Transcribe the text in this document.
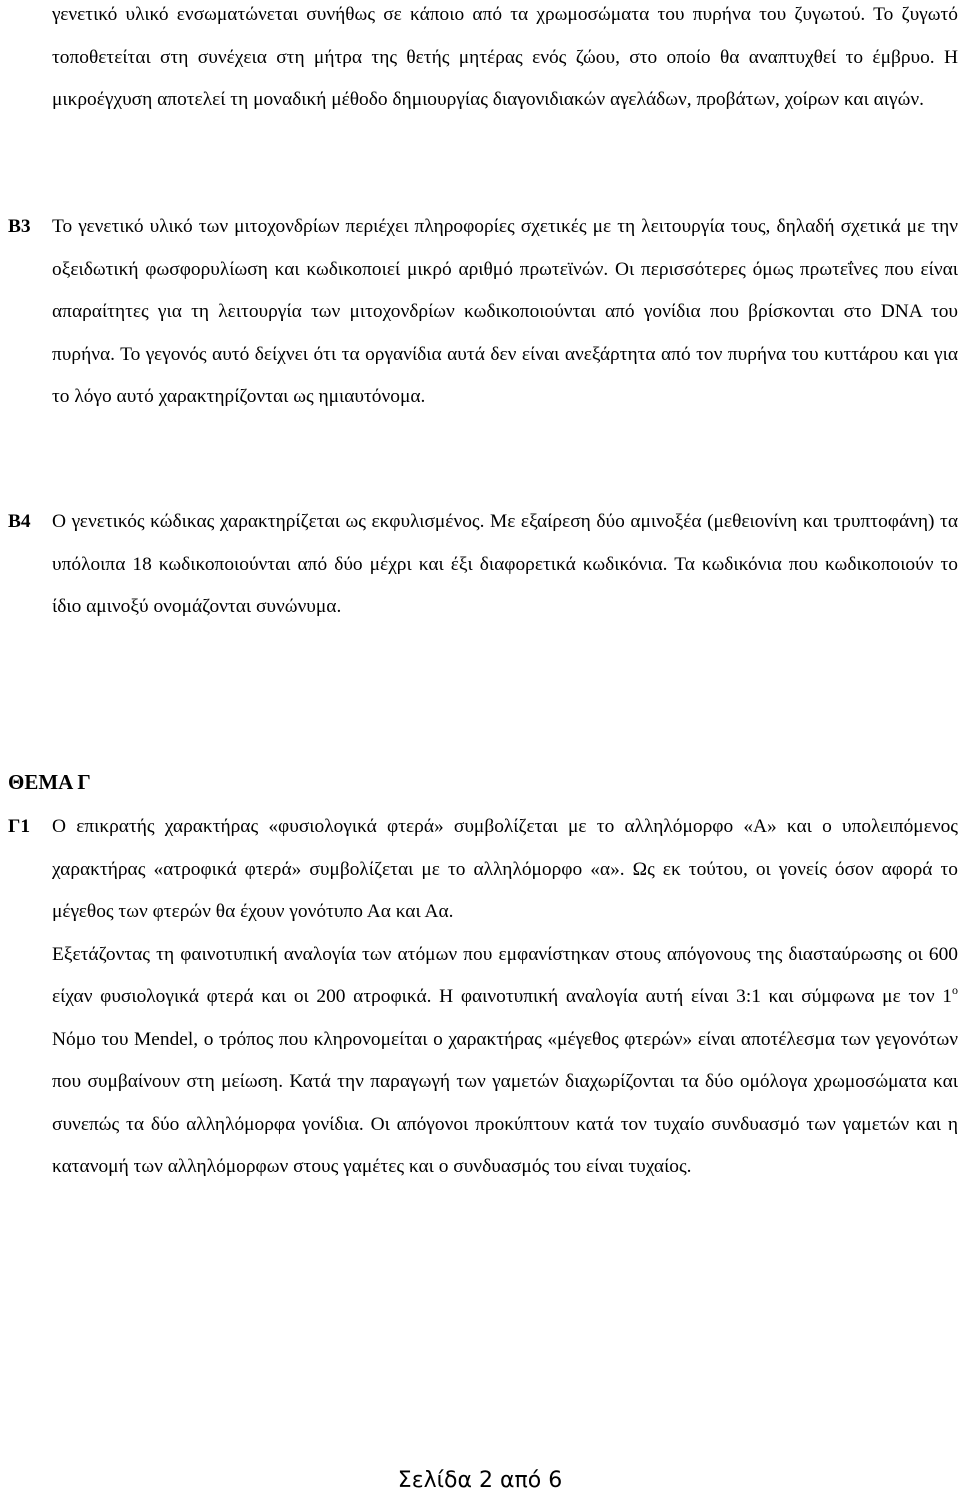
γενετικό υλικό ενσωματώνεται συνήθως σε κάποιο από τα χρωμοσώματα του πυρήνα του ζυγωτού. Το ζυγωτό τοποθετείται στη συνέχεια στη μήτρα της θετής μητέρας ενός ζώου, στο οποίο θα αναπτυχθεί το έμβρυο. Η μικροέγχυση αποτελεί τη μοναδική μέθοδο δημιουργίας διαγονιδιακών αγελάδων, προβάτων, χοίρων και αιγών.

Β3 Το γενετικό υλικό των μιτοχονδρίων περιέχει πληροφορίες σχετικές με τη λειτουργία τους, δηλαδή σχετικά με την οξειδωτική φωσφορυλίωση και κωδικοποιεί μικρό αριθμό πρωτεϊνών. Οι περισσότερες όμως πρωτεΐνες που είναι απαραίτητες για τη λειτουργία των μιτοχονδρίων κωδικοποιούνται από γονίδια που βρίσκονται στο DNA του πυρήνα. Το γεγονός αυτό δείχνει ότι τα οργανίδια αυτά δεν είναι ανεξάρτητα από τον πυρήνα του κυττάρου και για το λόγο αυτό χαρακτηρίζονται ως ημιαυτόνομα.

Β4 Ο γενετικός κώδικας χαρακτηρίζεται ως εκφυλισμένος. Με εξαίρεση δύο αμινοξέα (μεθειονίνη και τρυπτοφάνη) τα υπόλοιπα 18 κωδικοποιούνται από δύο μέχρι και έξι διαφορετικά κωδικόνια. Τα κωδικόνια που κωδικοποιούν το ίδιο αμινοξύ ονομάζονται συνώνυμα.

ΘΕΜΑ Γ
Γ1 Ο επικρατής χαρακτήρας «φυσιολογικά φτερά» συμβολίζεται με το αλληλόμορφο «Α» και ο υπολειπόμενος χαρακτήρας «ατροφικά φτερά» συμβολίζεται με το αλληλόμορφο «α». Ως εκ τούτου, οι γονείς όσον αφορά το μέγεθος των φτερών θα έχουν γονότυπο Αα και Αα.

Εξετάζοντας τη φαινοτυπική αναλογία των ατόμων που εμφανίστηκαν στους απόγονους της διασταύρωσης οι 600 είχαν φυσιολογικά φτερά και οι 200 ατροφικά. Η φαινοτυπική αναλογία αυτή είναι 3:1 και σύμφωνα με τον $1^o$ Νόμο του Mendel, ο τρόπος που κληρονομείται ο χαρακτήρας «μέγεθος φτερών» είναι αποτέλεσμα των γεγονότων που συμβαίνουν στη μείωση. Κατά την παραγωγή των γαμετών διαχωρίζονται τα δύο ομόλογα χρωμοσώματα και συνεπώς τα δύο αλληλόμορφα γονίδια. Οι απόγονοι προκύπτουν κατά τον τυχαίο συνδυασμό των γαμετών και η κατανομή των αλληλόμορφων στους γαμέτες και ο συνδυασμός του είναι τυχαίος.

Σελίδα 2 από 6
